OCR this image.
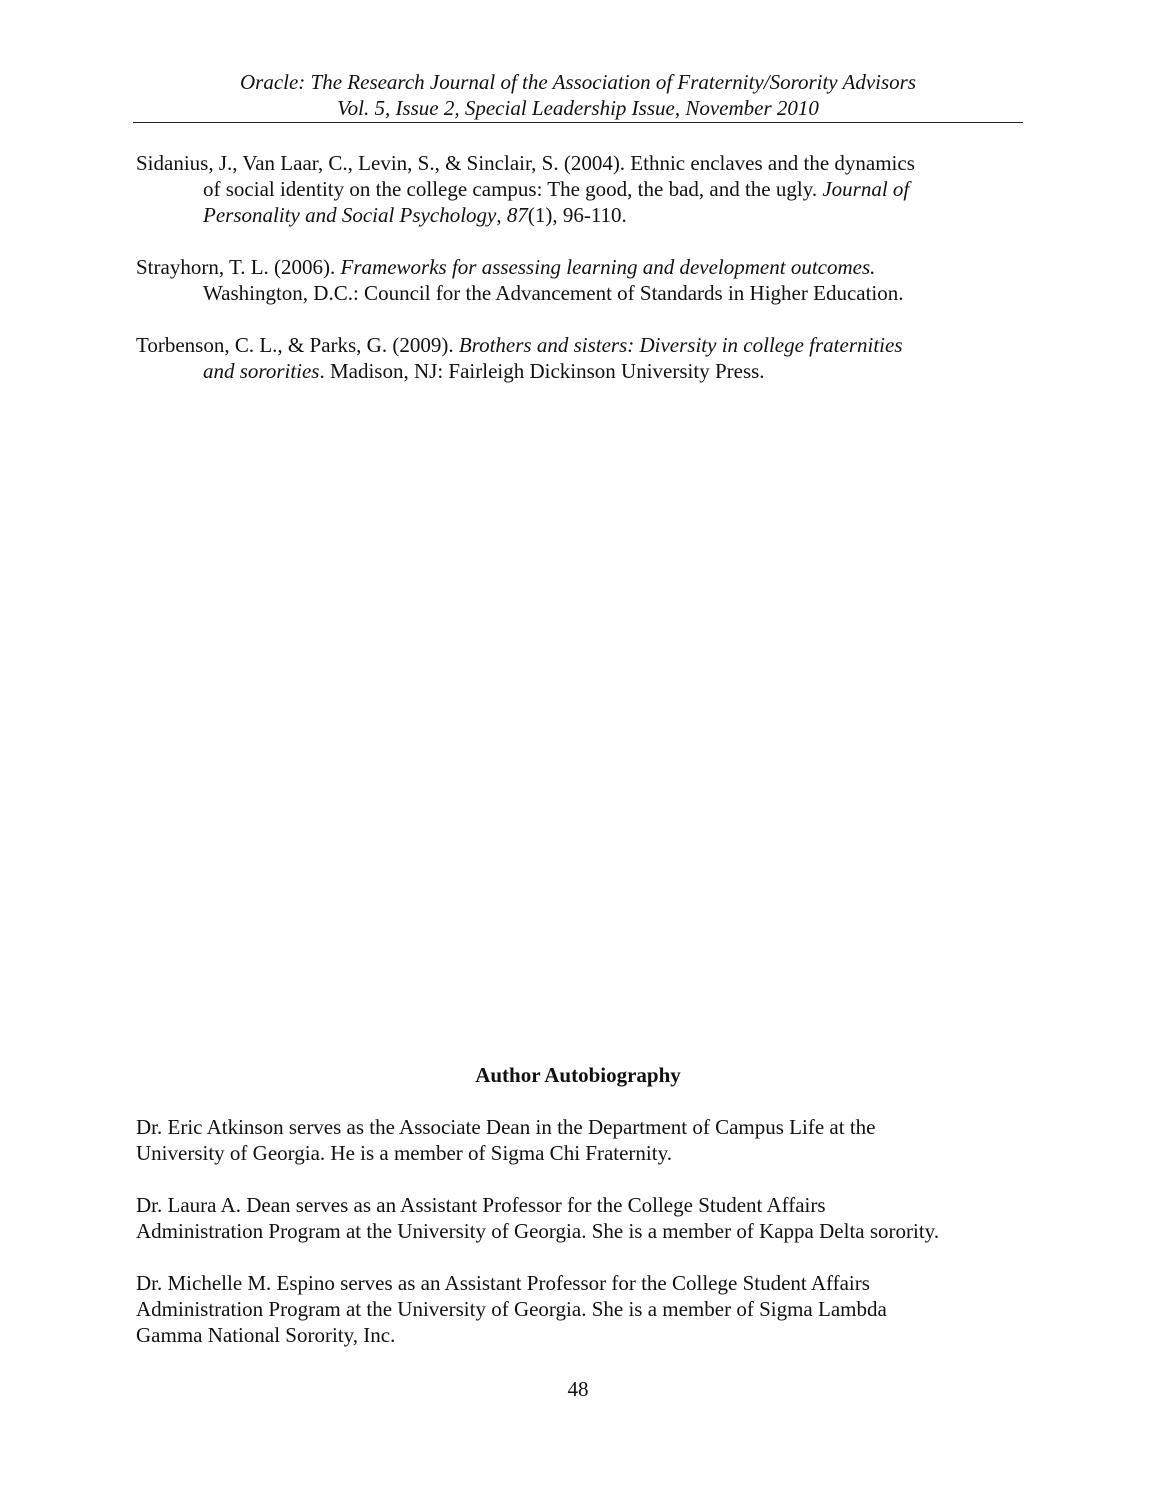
Oracle: The Research Journal of the Association of Fraternity/Sorority Advisors
Vol. 5, Issue 2, Special Leadership Issue, November 2010
Sidanius, J., Van Laar, C., Levin, S., & Sinclair, S. (2004). Ethnic enclaves and the dynamics
of social identity on the college campus: The good, the bad, and the ugly. Journal of
Personality and Social Psychology, 87(1), 96-110.
Strayhorn, T. L. (2006). Frameworks for assessing learning and development outcomes.
Washington, D.C.: Council for the Advancement of Standards in Higher Education.
Torbenson, C. L., & Parks, G. (2009). Brothers and sisters: Diversity in college fraternities
and sororities. Madison, NJ: Fairleigh Dickinson University Press.
Author Autobiography
Dr. Eric Atkinson serves as the Associate Dean in the Department of Campus Life at the
University of Georgia. He is a member of Sigma Chi Fraternity.
Dr. Laura A. Dean serves as an Assistant Professor for the College Student Affairs
Administration Program at the University of Georgia. She is a member of Kappa Delta sorority.
Dr. Michelle M. Espino serves as an Assistant Professor for the College Student Affairs
Administration Program at the University of Georgia. She is a member of Sigma Lambda
Gamma National Sorority, Inc.
48
